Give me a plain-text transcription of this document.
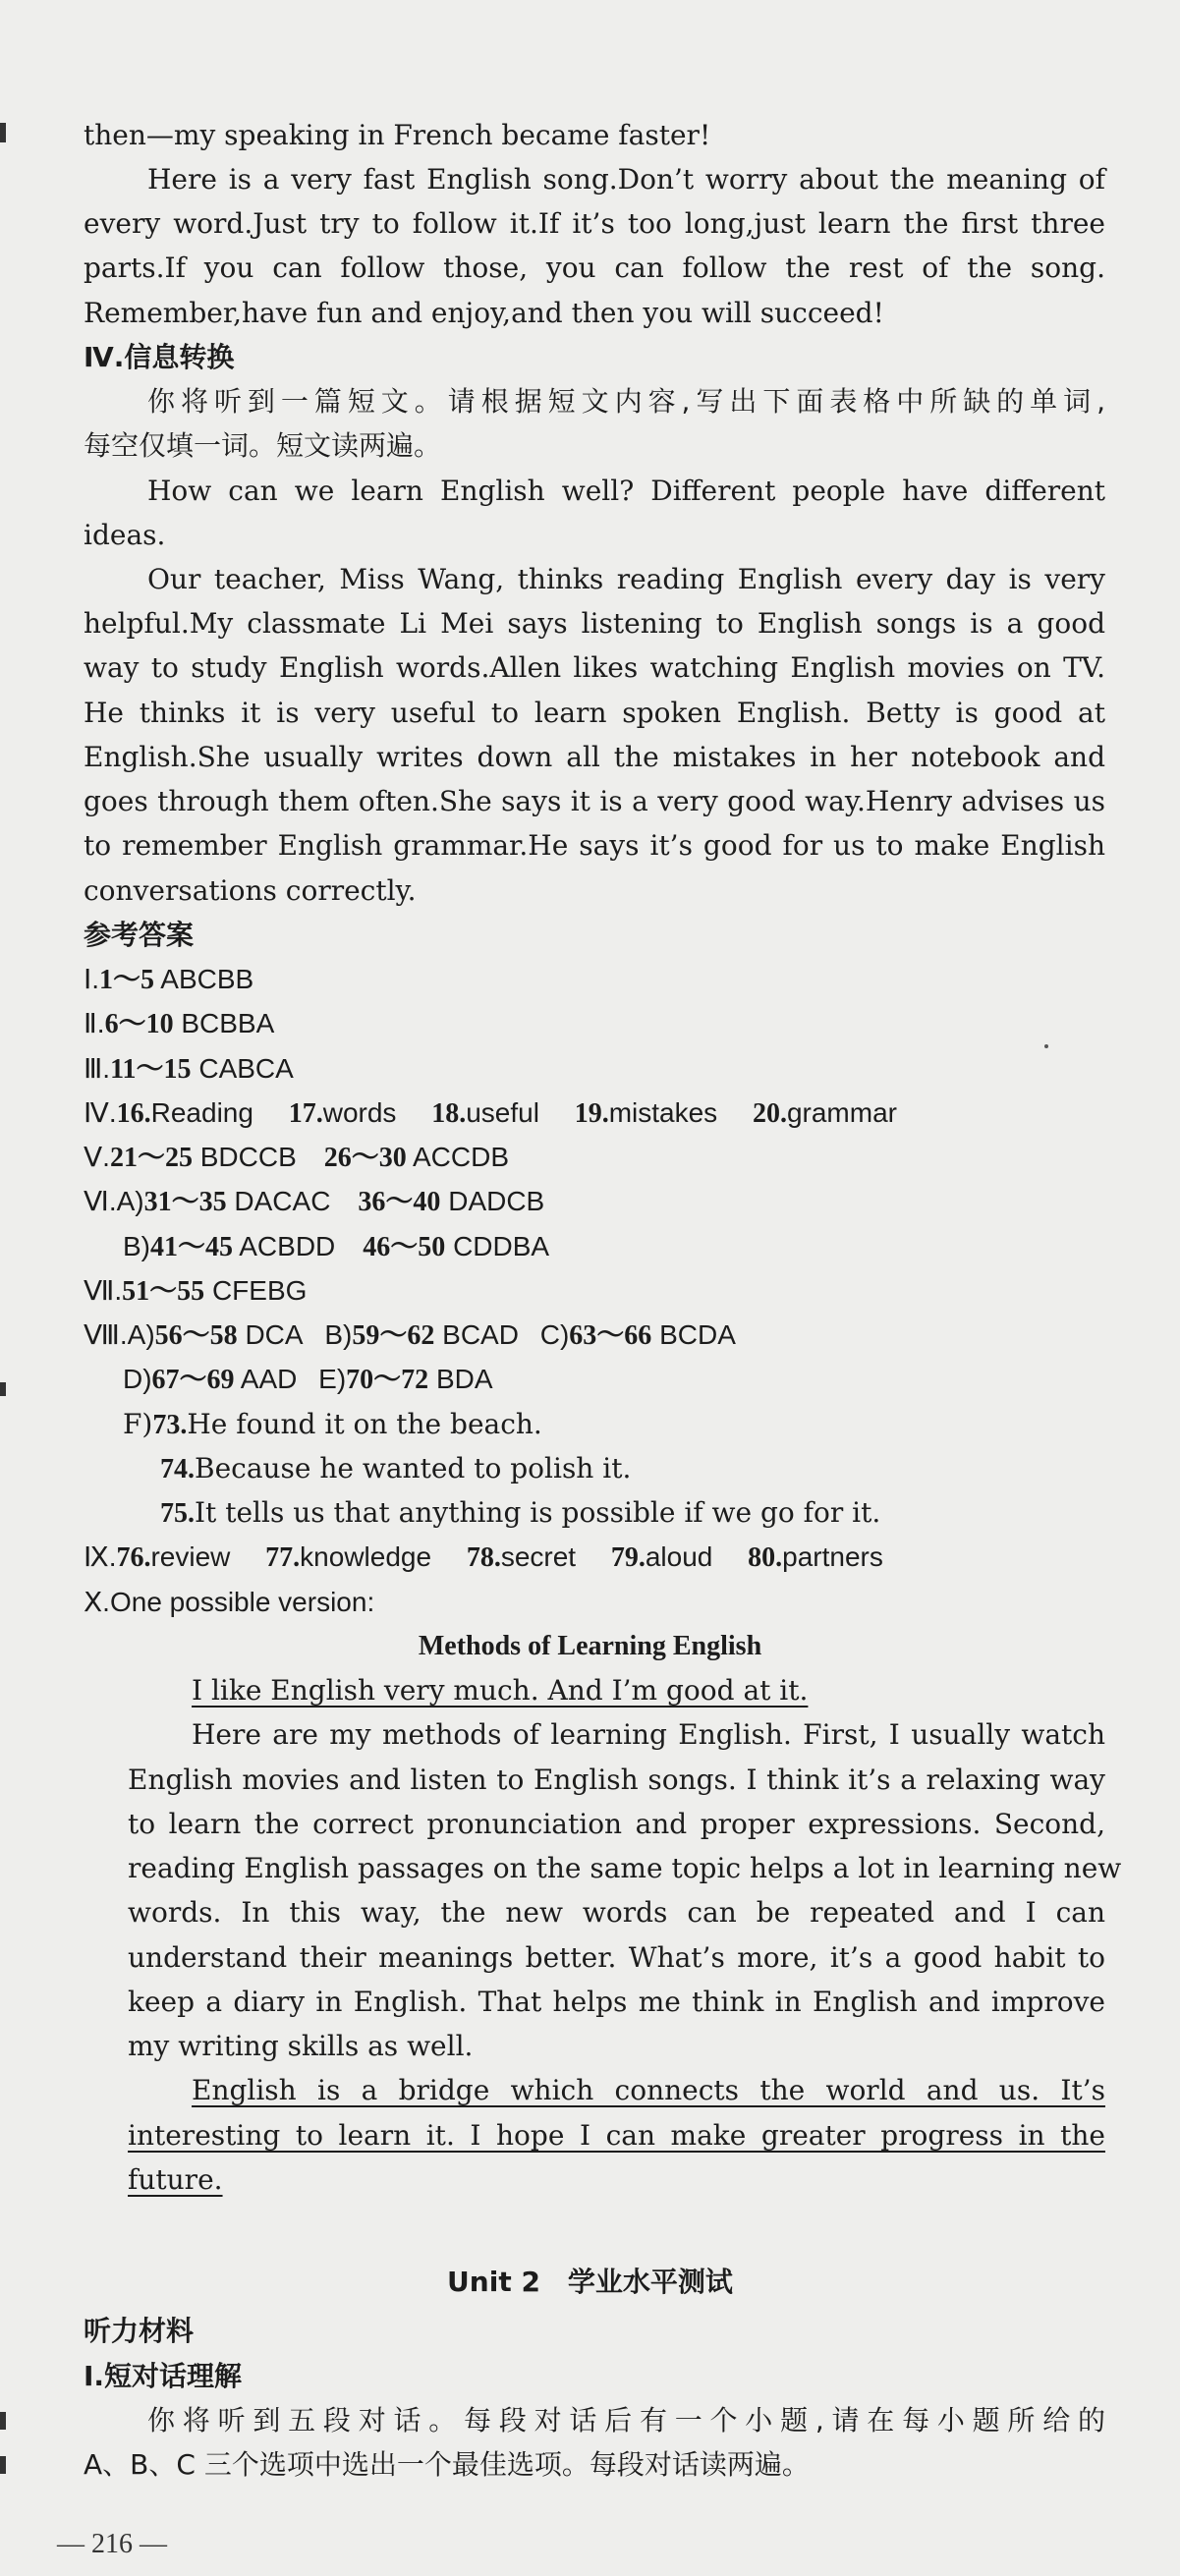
then—my speaking in French became faster!
Here is a very fast English song.Don’t worry about the meaning of
every word.Just try to follow it.If it’s too long,just learn the first three
parts.If you can follow those, you can follow the rest of the song.
Remember,have fun and enjoy,and then you will succeed!
Ⅳ.信息转换
你将听到一篇短文。请根据短文内容,写出下面表格中所缺的单词,
每空仅填一词。短文读两遍。
How can we learn English well? Different people have different
ideas.
Our teacher, Miss Wang, thinks reading English every day is very
helpful.My classmate Li Mei says listening to English songs is a good
way to study English words.Allen likes watching English movies on TV.
He thinks it is very useful to learn spoken English. Betty is good at
English.She usually writes down all the mistakes in her notebook and
goes through them often.She says it is a very good way.Henry advises us
to remember English grammar.He says it’s good for us to make English
conversations correctly.
参考答案
Ⅰ.1～5 ABCBB
Ⅱ.6～10 BCBBA
Ⅲ.11～15 CABCA
Ⅳ.16.Reading  17.words  18.useful  19.mistakes  20.grammar
Ⅴ.21～25 BDCCB  26～30 ACCDB
Ⅵ.A)31～35 DACAC  36～40 DADCB
B)41～45 ACBDD  46～50 CDDBA
Ⅶ.51～55 CFEBG
Ⅷ.A)56～58 DCA  B)59～62 BCAD  C)63～66 BCDA
D)67～69 AAD  E)70～72 BDA
F)73.He found it on the beach.
74.Because he wanted to polish it.
75.It tells us that anything is possible if we go for it.
Ⅸ.76.review  77.knowledge  78.secret  79.aloud  80.partners
Ⅹ.One possible version:
Methods of Learning English
I like English very much. And I’m good at it.
Here are my methods of learning English. First, I usually watch
English movies and listen to English songs. I think it’s a relaxing way
to learn the correct pronunciation and proper expressions. Second,
reading English passages on the same topic helps a lot in learning new
words. In this way, the new words can be repeated and I can
understand their meanings better. What’s more, it’s a good habit to
keep a diary in English. That helps me think in English and improve
my writing skills as well.
English is a bridge which connects the world and us. It’s
interesting to learn it. I hope I can make greater progress in the
future.
Unit 2　学业水平测试
听力材料
Ⅰ.短对话理解
你将听到五段对话。每段对话后有一个小题,请在每小题所给的
A、B、C 三个选项中选出一个最佳选项。每段对话读两遍。
— 216 —
